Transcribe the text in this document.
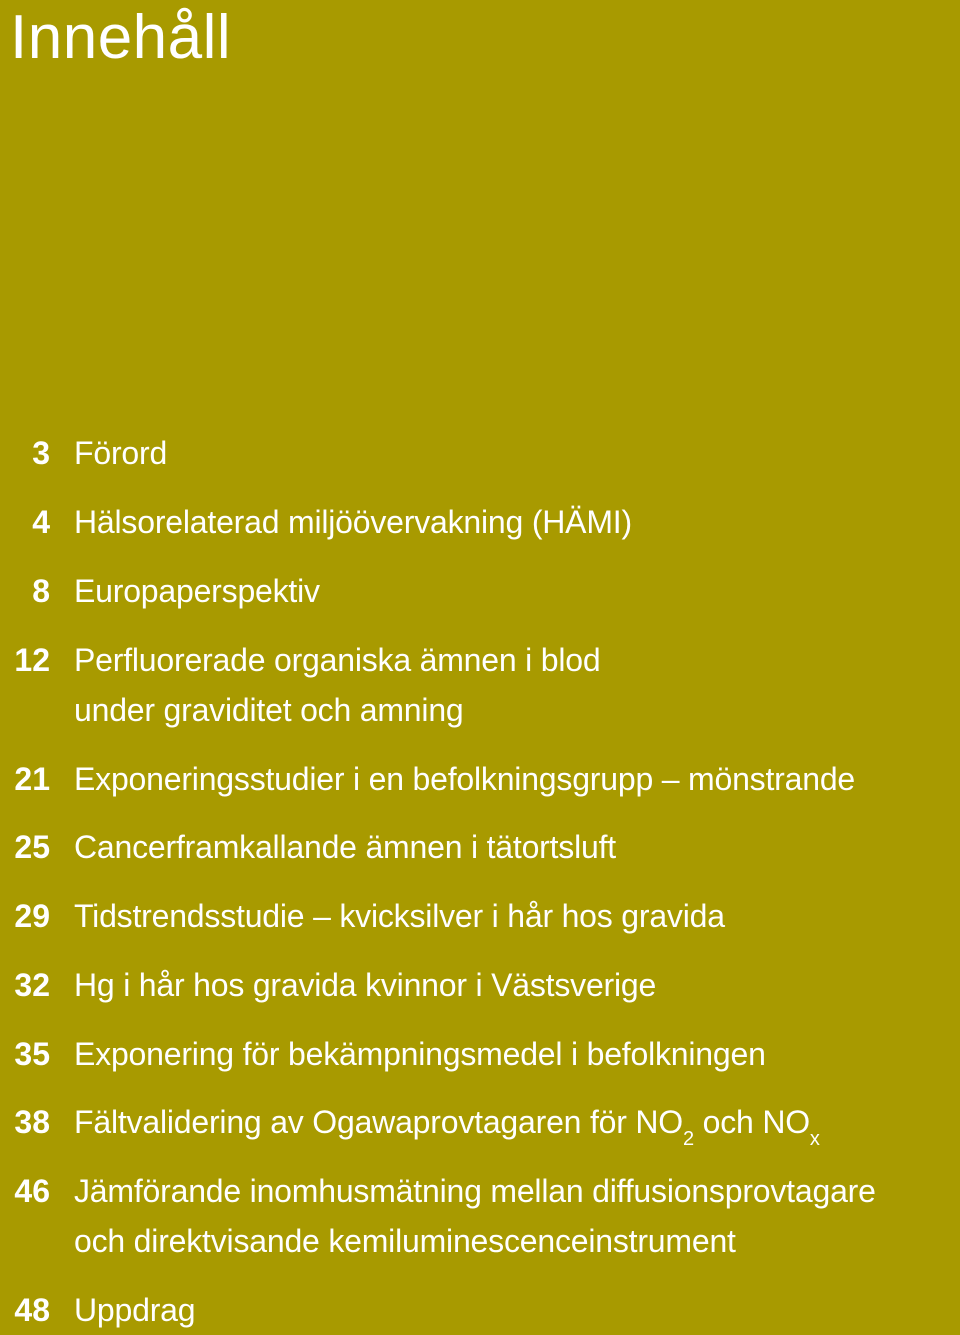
Innehåll
3 Förord
4 Hälsorelaterad miljöövervakning (HÄMI)
8 Europaperspektiv
12 Perfluorerade organiska ämnen i blod
under graviditet och amning
21 Exponeringsstudier i en befolkningsgrupp – mönstrande
25 Cancerframkallande ämnen i tätortsluft
29 Tidstrendsstudie – kvicksilver i hår hos gravida
32 Hg i hår hos gravida kvinnor i Västsverige
35 Exponering för bekämpningsmedel i befolkningen
38 Fältvalidering av Ogawaprovtagaren för $NO_2$ och $NO_x$
46 Jämförande inomhusmätning mellan diffusionsprovtagare
och direktvisande kemiluminescenceinstrument
48 Uppdrag
